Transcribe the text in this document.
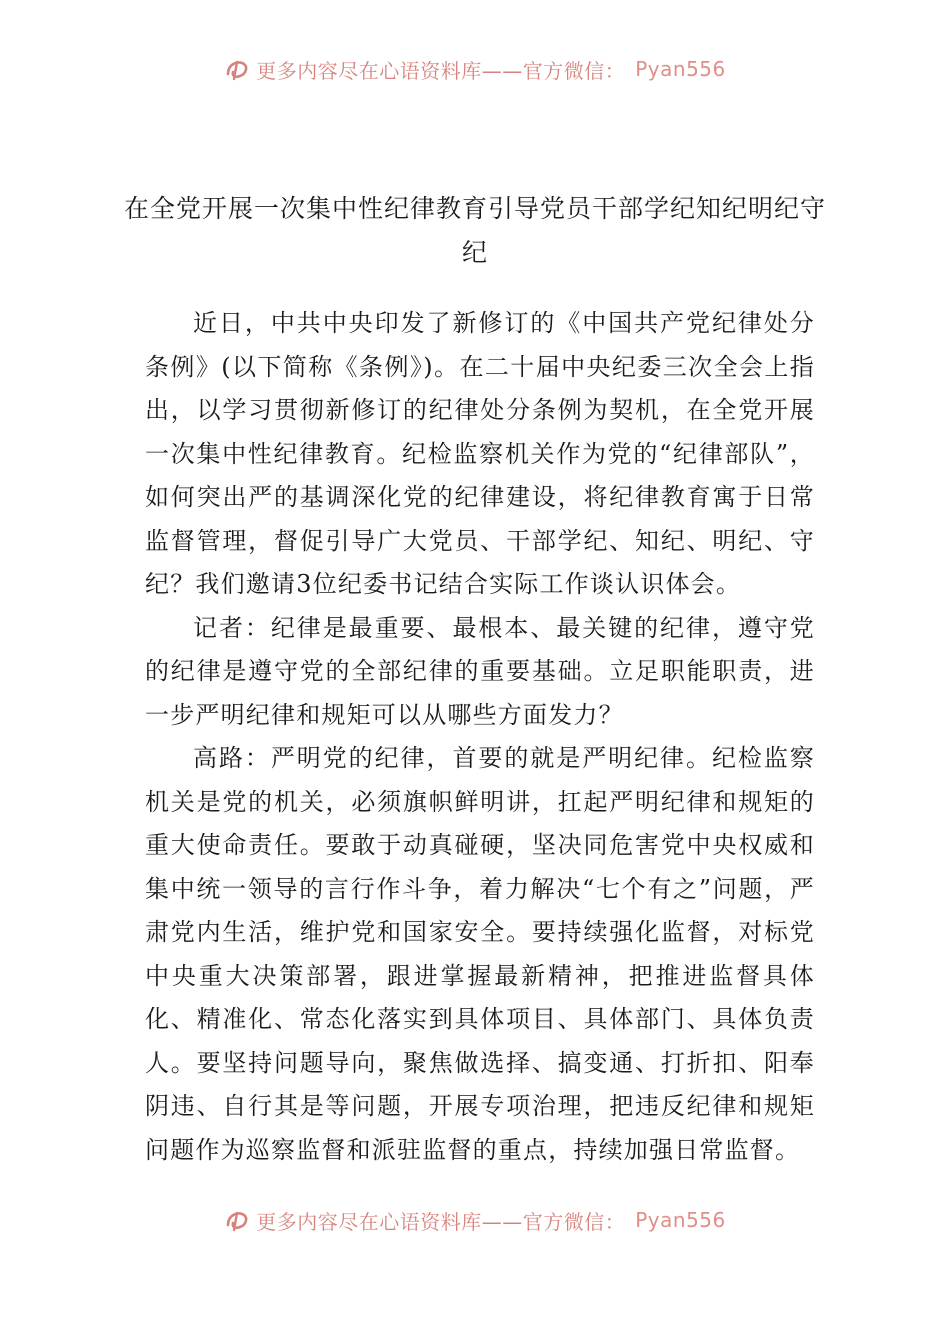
更多内容尽在心语资料库——官方微信： Pyan556
在全党开展一次集中性纪律教育引导党员干部学纪知纪明纪守纪

近日，中共中央印发了新修订的《中国共产党纪律处分条例》(以下简称《条例》)。在二十届中央纪委三次全会上指出，以学习贯彻新修订的纪律处分条例为契机，在全党开展一次集中性纪律教育。纪检监察机关作为党的“纪律部队”，如何突出严的基调深化党的纪律建设，将纪律教育寓于日常监督管理，督促引导广大党员、干部学纪、知纪、明纪、守纪？我们邀请3位纪委书记结合实际工作谈认识体会。

记者：纪律是最重要、最根本、最关键的纪律，遵守党的纪律是遵守党的全部纪律的重要基础。立足职能职责，进一步严明纪律和规矩可以从哪些方面发力？

高路：严明党的纪律，首要的就是严明纪律。纪检监察机关是党的机关，必须旗帜鲜明讲，扛起严明纪律和规矩的重大使命责任。要敢于动真碰硬，坚决同危害党中央权威和集中统一领导的言行作斗争，着力解决“七个有之”问题，严肃党内生活，维护党和国家安全。要持续强化监督，对标党中央重大决策部署，跟进掌握最新精神，把推进监督具体化、精准化、常态化落实到具体项目、具体部门、具体负责人。要坚持问题导向，聚焦做选择、搞变通、打折扣、阳奉阴违、自行其是等问题，开展专项治理，把违反纪律和规矩问题作为巡察监督和派驻监督的重点，持续加强日常监督。

更多内容尽在心语资料库——官方微信： Pyan556
